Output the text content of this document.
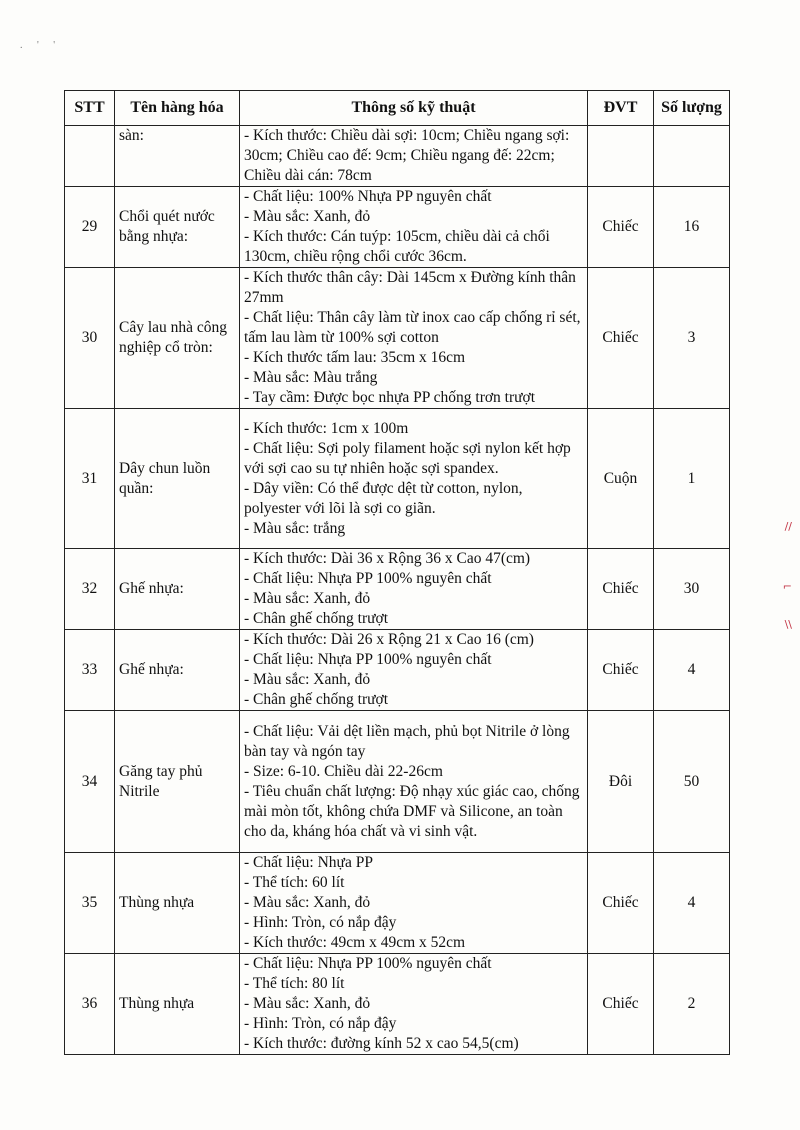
. ' '
STT	Tên hàng hóa	Thông số kỹ thuật	ĐVT	Số lượng
	sàn:	- Kích thước: Chiều dài sợi: 10cm; Chiều ngang sợi: 30cm; Chiều cao đế: 9cm; Chiều ngang đế: 22cm; Chiều dài cán: 78cm		

29	Chổi quét nước bằng nhựa:	- Chất liệu: 100% Nhựa PP nguyên chất
- Màu sắc: Xanh, đỏ
- Kích thước: Cán tuýp: 105cm, chiều dài cả chổi 130cm, chiều rộng chổi cước 36cm.	Chiếc	16
30	Cây lau nhà công nghiệp cổ tròn:	- Kích thước thân cây: Dài 145cm x Đường kính thân 27mm
- Chất liệu: Thân cây làm từ inox cao cấp chống rỉ sét, tấm lau làm từ 100% sợi cotton
- Kích thước tấm lau: 35cm x 16cm
- Màu sắc: Màu trắng
- Tay cầm: Được bọc nhựa PP chống trơn trượt	Chiếc	3
31	Dây chun luồn quần:	- Kích thước: 1cm x 100m
- Chất liệu: Sợi poly filament hoặc sợi nylon kết hợp với sợi cao su tự nhiên hoặc sợi spandex.
- Dây viền: Có thể được dệt từ cotton, nylon, polyester với lõi là sợi co giãn.
- Màu sắc: trắng	Cuộn	1
32	Ghế nhựa:	- Kích thước: Dài 36 x Rộng 36 x Cao 47(cm)
- Chất liệu: Nhựa PP 100% nguyên chất
- Màu sắc: Xanh, đỏ
- Chân ghế chống trượt	Chiếc	30
33	Ghế nhựa:	- Kích thước: Dài 26 x Rộng 21 x Cao 16 (cm)
- Chất liệu: Nhựa PP 100% nguyên chất
- Màu sắc: Xanh, đỏ
- Chân ghế chống trượt	Chiếc	4
34	Găng tay phủ Nitrile	- Chất liệu: Vải dệt liền mạch, phủ bọt Nitrile ở lòng bàn tay và ngón tay
- Size: 6-10. Chiều dài 22-26cm
- Tiêu chuẩn chất lượng: Độ nhạy xúc giác cao, chống mài mòn tốt, không chứa DMF và Silicone, an toàn cho da, kháng hóa chất và vi sinh vật.	Đôi	50
35	Thùng nhựa	- Chất liệu: Nhựa PP
- Thể tích: 60 lít
- Màu sắc: Xanh, đỏ
- Hình: Tròn, có nắp đậy
- Kích thước: 49cm x 49cm x 52cm	Chiếc	4
36	Thùng nhựa	- Chất liệu: Nhựa PP 100% nguyên chất
- Thể tích: 80 lít
- Màu sắc: Xanh, đỏ
- Hình: Tròn, có nắp đậy
- Kích thước: đường kính 52 x cao 54,5(cm)	Chiếc	2
//
⌐
\\
